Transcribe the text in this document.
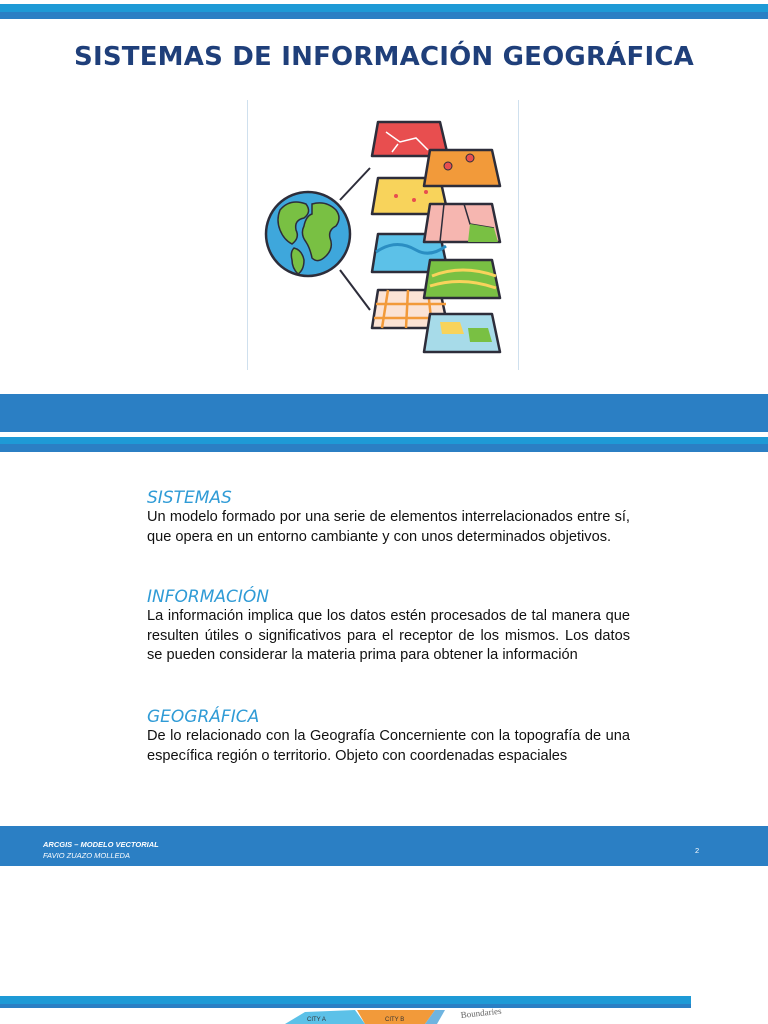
SISTEMAS DE INFORMACIÓN GEOGRÁFICA

SISTEMAS

Un modelo formado por una serie de elementos interrelacionados entre sí, que opera en un entorno cambiante y con unos determinados objetivos.

INFORMACIÓN

La información implica que los datos estén procesados de tal manera que resulten útiles o significativos para el receptor de los mismos. Los datos se pueden considerar la materia prima para obtener la información

GEOGRÁFICA

De lo relacionado con la Geografía Concerniente con la topografía de una específica región o territorio. Objeto con coordenadas espaciales

ARCGIS – MODELO VECTORIAL
FAVIO ZUAZO MOLLEDA
2
CITY A	CITY B
Boundaries
